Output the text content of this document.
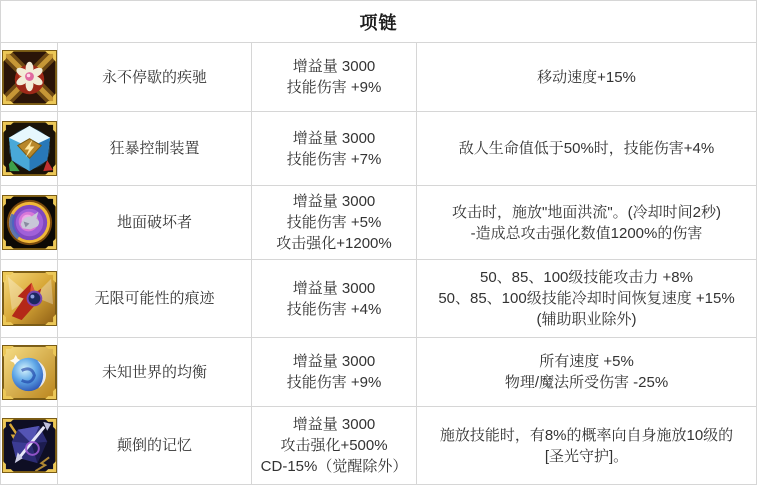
项链
永不停歇的疾驰
增益量 3000
技能伤害 +9%
移动速度+15%
狂暴控制装置
增益量 3000
技能伤害 +7%
敌人生命值低于50%时，技能伤害+4%
地面破坏者
增益量 3000
技能伤害 +5%
攻击强化+1200%
攻击时，施放"地面洪流"。(冷却时间2秒)
-造成总攻击强化数值1200%的伤害
无限可能性的痕迹
增益量 3000
技能伤害 +4%
50、85、100级技能攻击力 +8%
50、85、100级技能冷却时间恢复速度 +15%
(辅助职业除外)
未知世界的均衡
增益量 3000
技能伤害 +9%
所有速度 +5%
物理/魔法所受伤害 -25%
颠倒的记忆
增益量 3000
攻击强化+500%
CD-15%（觉醒除外）
施放技能时，有8%的概率向自身施放10级的
[圣光守护]。
